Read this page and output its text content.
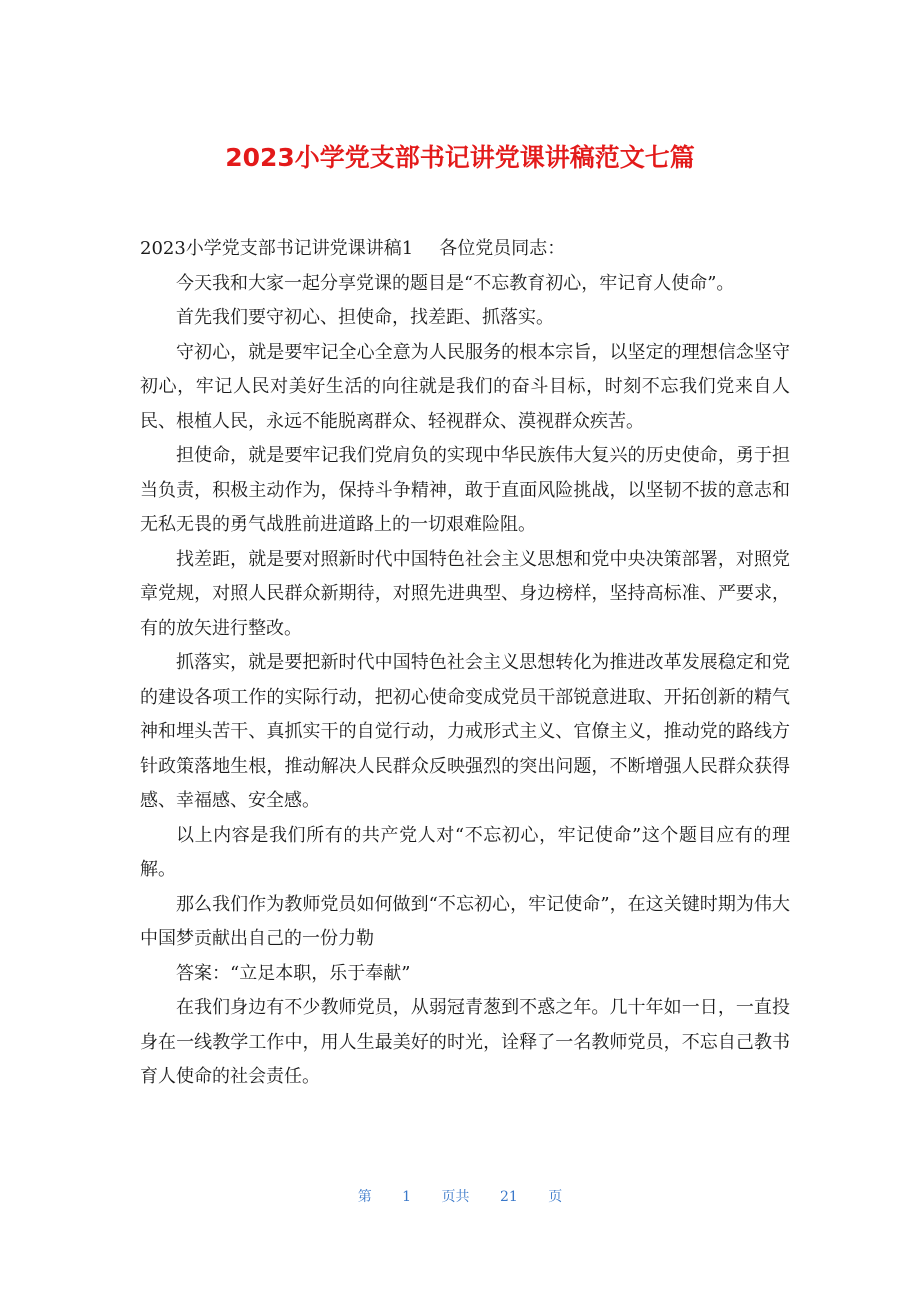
2023小学党支部书记讲党课讲稿范文七篇

2023小学党支部书记讲党课讲稿1 各位党员同志：

今天我和大家一起分享党课的题目是“不忘教育初心，牢记育人使命”。

首先我们要守初心、担使命，找差距、抓落实。

守初心，就是要牢记全心全意为人民服务的根本宗旨，以坚定的理想信念坚守初心，牢记人民对美好生活的向往就是我们的奋斗目标，时刻不忘我们党来自人民、根植人民，永远不能脱离群众、轻视群众、漠视群众疾苦。

担使命，就是要牢记我们党肩负的实现中华民族伟大复兴的历史使命，勇于担当负责，积极主动作为，保持斗争精神，敢于直面风险挑战，以坚韧不拔的意志和无私无畏的勇气战胜前进道路上的一切艰难险阻。

找差距，就是要对照新时代中国特色社会主义思想和党中央决策部署，对照党章党规，对照人民群众新期待，对照先进典型、身边榜样，坚持高标准、严要求，有的放矢进行整改。

抓落实，就是要把新时代中国特色社会主义思想转化为推进改革发展稳定和党的建设各项工作的实际行动，把初心使命变成党员干部锐意进取、开拓创新的精气神和埋头苦干、真抓实干的自觉行动，力戒形式主义、官僚主义，推动党的路线方针政策落地生根，推动解决人民群众反映强烈的突出问题，不断增强人民群众获得感、幸福感、安全感。

以上内容是我们所有的共产党人对“不忘初心，牢记使命”这个题目应有的理解。

那么我们作为教师党员如何做到“不忘初心，牢记使命”，在这关键时期为伟大中国梦贡献出自己的一份力勒

答案：“立足本职，乐于奉献”

在我们身边有不少教师党员，从弱冠青葱到不惑之年。几十年如一日，一直投身在一线教学工作中，用人生最美好的时光，诠释了一名教师党员，不忘自己教书育人使命的社会责任。

第 1 页共 21 页
